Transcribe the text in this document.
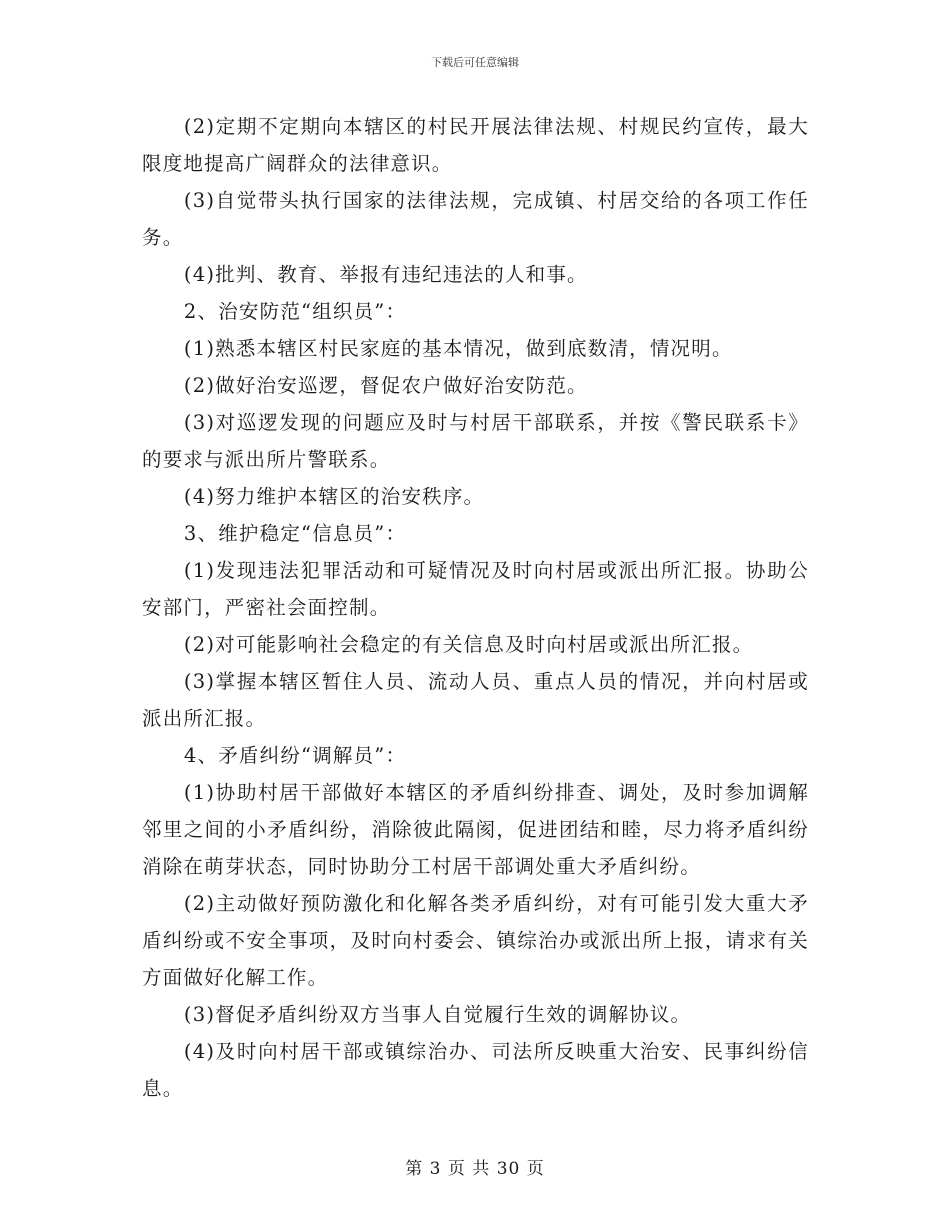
下载后可任意编辑

(2)定期不定期向本辖区的村民开展法律法规、村规民约宣传，最大限度地提高广阔群众的法律意识。

(3)自觉带头执行国家的法律法规，完成镇、村居交给的各项工作任务。

(4)批判、教育、举报有违纪违法的人和事。

2、治安防范“组织员”：

(1)熟悉本辖区村民家庭的基本情况，做到底数清，情况明。

(2)做好治安巡逻，督促农户做好治安防范。

(3)对巡逻发现的问题应及时与村居干部联系，并按《警民联系卡》的要求与派出所片警联系。

(4)努力维护本辖区的治安秩序。

3、维护稳定“信息员”：

(1)发现违法犯罪活动和可疑情况及时向村居或派出所汇报。协助公安部门，严密社会面控制。

(2)对可能影响社会稳定的有关信息及时向村居或派出所汇报。

(3)掌握本辖区暂住人员、流动人员、重点人员的情况，并向村居或派出所汇报。

4、矛盾纠纷“调解员”：

(1)协助村居干部做好本辖区的矛盾纠纷排查、调处，及时参加调解邻里之间的小矛盾纠纷，消除彼此隔阂，促进团结和睦，尽力将矛盾纠纷消除在萌芽状态，同时协助分工村居干部调处重大矛盾纠纷。

(2)主动做好预防激化和化解各类矛盾纠纷，对有可能引发大重大矛盾纠纷或不安全事项，及时向村委会、镇综治办或派出所上报，请求有关方面做好化解工作。

(3)督促矛盾纠纷双方当事人自觉履行生效的调解协议。

(4)及时向村居干部或镇综治办、司法所反映重大治安、民事纠纷信息。

第 3 页 共 30 页
